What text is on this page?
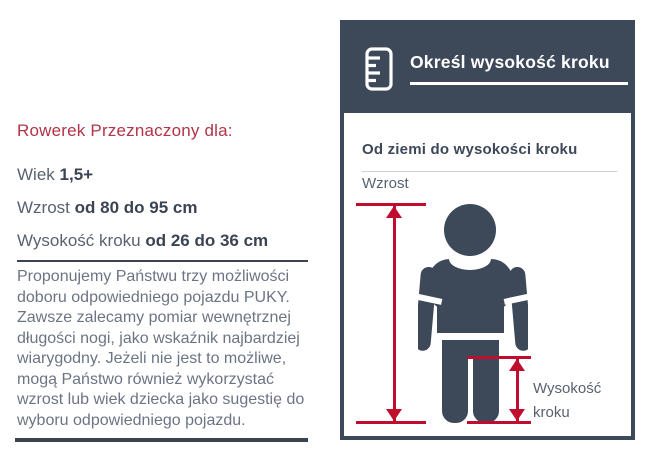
Rowerek Przeznaczony dla:
Wiek 1,5+
Wzrost od 80 do 95 cm
Wysokość kroku od 26 do 36 cm

Proponujemy Państwu trzy możliwości doboru odpowiedniego pojazdu PUKY. Zawsze zalecamy pomiar wewnętrznej długości nogi, jako wskaźnik najbardziej wiarygodny. Jeżeli nie jest to możliwe, mogą Państwo również wykorzystać wzrost lub wiek dziecka jako sugestię do wyboru odpowiedniego pojazdu.

Określ wysokość kroku
Od ziemi do wysokości kroku
Wzrost
Wysokość kroku
